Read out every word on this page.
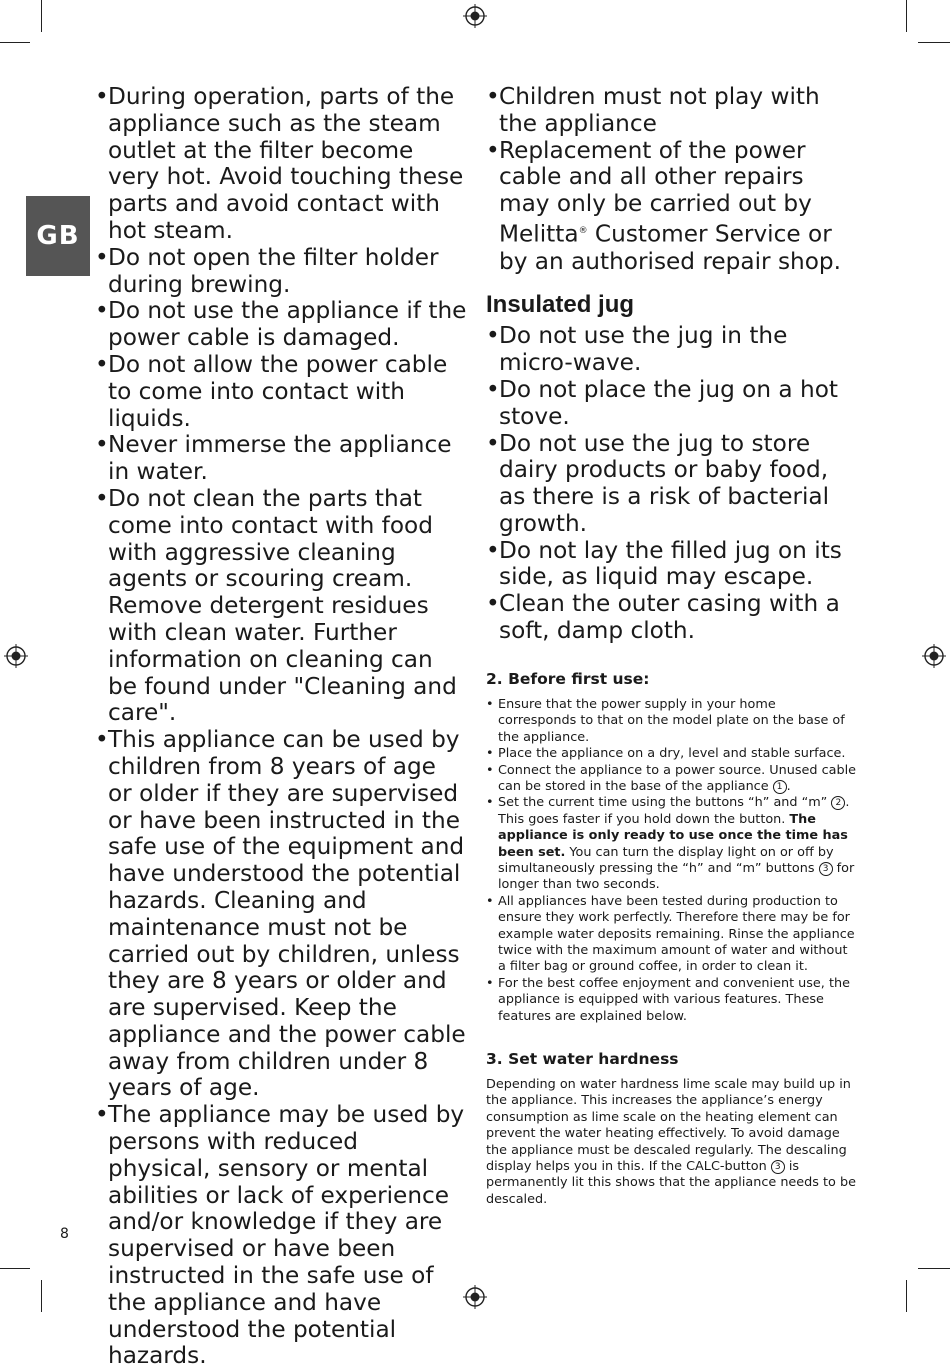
GB
• During operation, parts of the appliance such as the steam outlet at the filter become very hot. Avoid touching these parts and avoid contact with hot steam.
• Do not open the filter holder during brewing.
• Do not use the appliance if the power cable is damaged.
• Do not allow the power cable to come into contact with liquids.
• Never immerse the appliance in water.
• Do not clean the parts that come into contact with food with aggressive cleaning agents or scouring cream. Remove detergent residues with clean water. Further information on cleaning can be found under "Cleaning and care".
• This appliance can be used by children from 8 years of age or older if they are supervised or have been instructed in the safe use of the equipment and have understood the potential hazards. Cleaning and maintenance must not be carried out by children, unless they are 8 years or older and are supervised. Keep the appliance and the power cable away from children under 8 years of age.
• The appliance may be used by persons with reduced physical, sensory or mental abilities or lack of experience and/or knowledge if they are supervised or have been instructed in the safe use of the appliance and have understood the potential hazards.
• Children must not play with the appliance
• Replacement of the power cable and all other repairs may only be carried out by Melitta® Customer Service or by an authorised repair shop.
Insulated jug
• Do not use the jug in the micro-wave.
• Do not place the jug on a hot stove.
• Do not use the jug to store dairy products or baby food, as there is a risk of bacterial growth.
• Do not lay the filled jug on its side, as liquid may escape.
• Clean the outer casing with a soft, damp cloth.
2. Before first use:
• Ensure that the power supply in your home corresponds to that on the model plate on the base of the appliance.
• Place the appliance on a dry, level and stable surface.
• Connect the appliance to a power source. Unused cable can be stored in the base of the appliance 1 .
• Set the current time using the buttons “h” and “m” 2 . This goes faster if you hold down the button. The appliance is only ready to use once the time has been set. You can turn the display light on or off by simultaneously pressing the “h” and “m” buttons 3 for longer than two seconds.
• All appliances have been tested during production to ensure they work perfectly. Therefore there may be for example water deposits remaining. Rinse the appliance twice with the maximum amount of water and without a filter bag or ground coffee, in order to clean it.
• For the best coffee enjoyment and convenient use, the appliance is equipped with various features. These features are explained below.
3. Set water hardness

Depending on water hardness lime scale may build up in the appliance. This increases the appliance’s energy consumption as lime scale on the heating element can prevent the water heating effectively. To avoid damage the appliance must be descaled regularly. The descaling display helps you in this. If the CALC-button 3 is permanently lit this shows that the appliance needs to be descaled.

8
